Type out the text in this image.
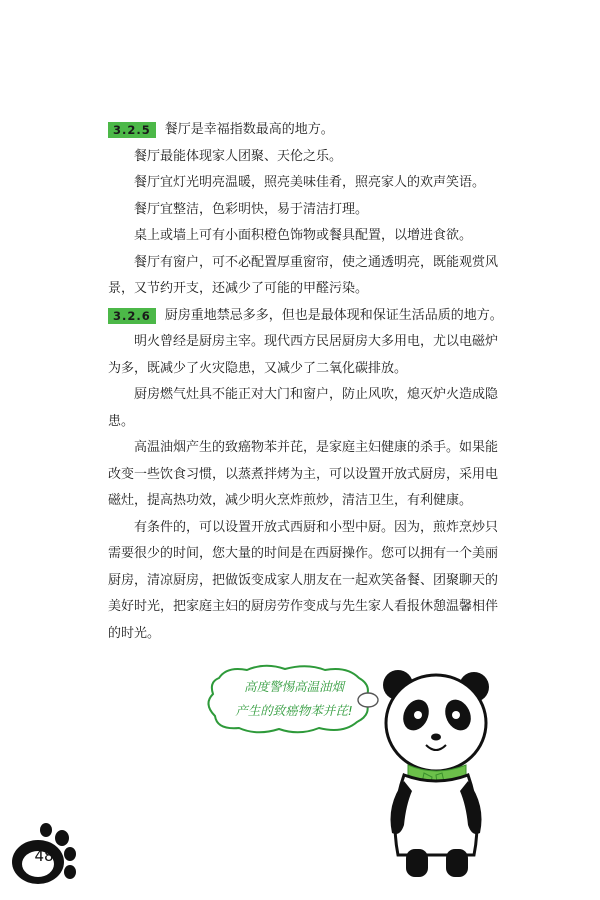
3.2.5	餐厅是幸福指数最高的地方。

餐厅最能体现家人团聚、天伦之乐。

餐厅宜灯光明亮温暖，照亮美味佳肴，照亮家人的欢声笑语。

餐厅宜整洁，色彩明快，易于清洁打理。

桌上或墙上可有小面积橙色饰物或餐具配置，以增进食欲。

餐厅有窗户，可不必配置厚重窗帘，使之通透明亮，既能观赏风景，又节约开支，还减少了可能的甲醛污染。

3.2.6	厨房重地禁忌多多，但也是最体现和保证生活品质的地方。

明火曾经是厨房主宰。现代西方民居厨房大多用电，尤以电磁炉为多，既减少了火灾隐患，又减少了二氧化碳排放。

厨房燃气灶具不能正对大门和窗户，防止风吹，熄灭炉火造成隐患。

高温油烟产生的致癌物苯并芘，是家庭主妇健康的杀手。如果能改变一些饮食习惯，以蒸煮拌烤为主，可以设置开放式厨房，采用电磁灶，提高热功效，减少明火烹炸煎炒，清洁卫生，有利健康。

有条件的，可以设置开放式西厨和小型中厨。因为，煎炸烹炒只需要很少的时间，您大量的时间是在西厨操作。您可以拥有一个美丽厨房，清凉厨房，把做饭变成家人朋友在一起欢笑备餐、团聚聊天的美好时光，把家庭主妇的厨房劳作变成与先生家人看报休憩温馨相伴的时光。

高度警惕高温油烟
产生的致癌物苯并芘!
48
